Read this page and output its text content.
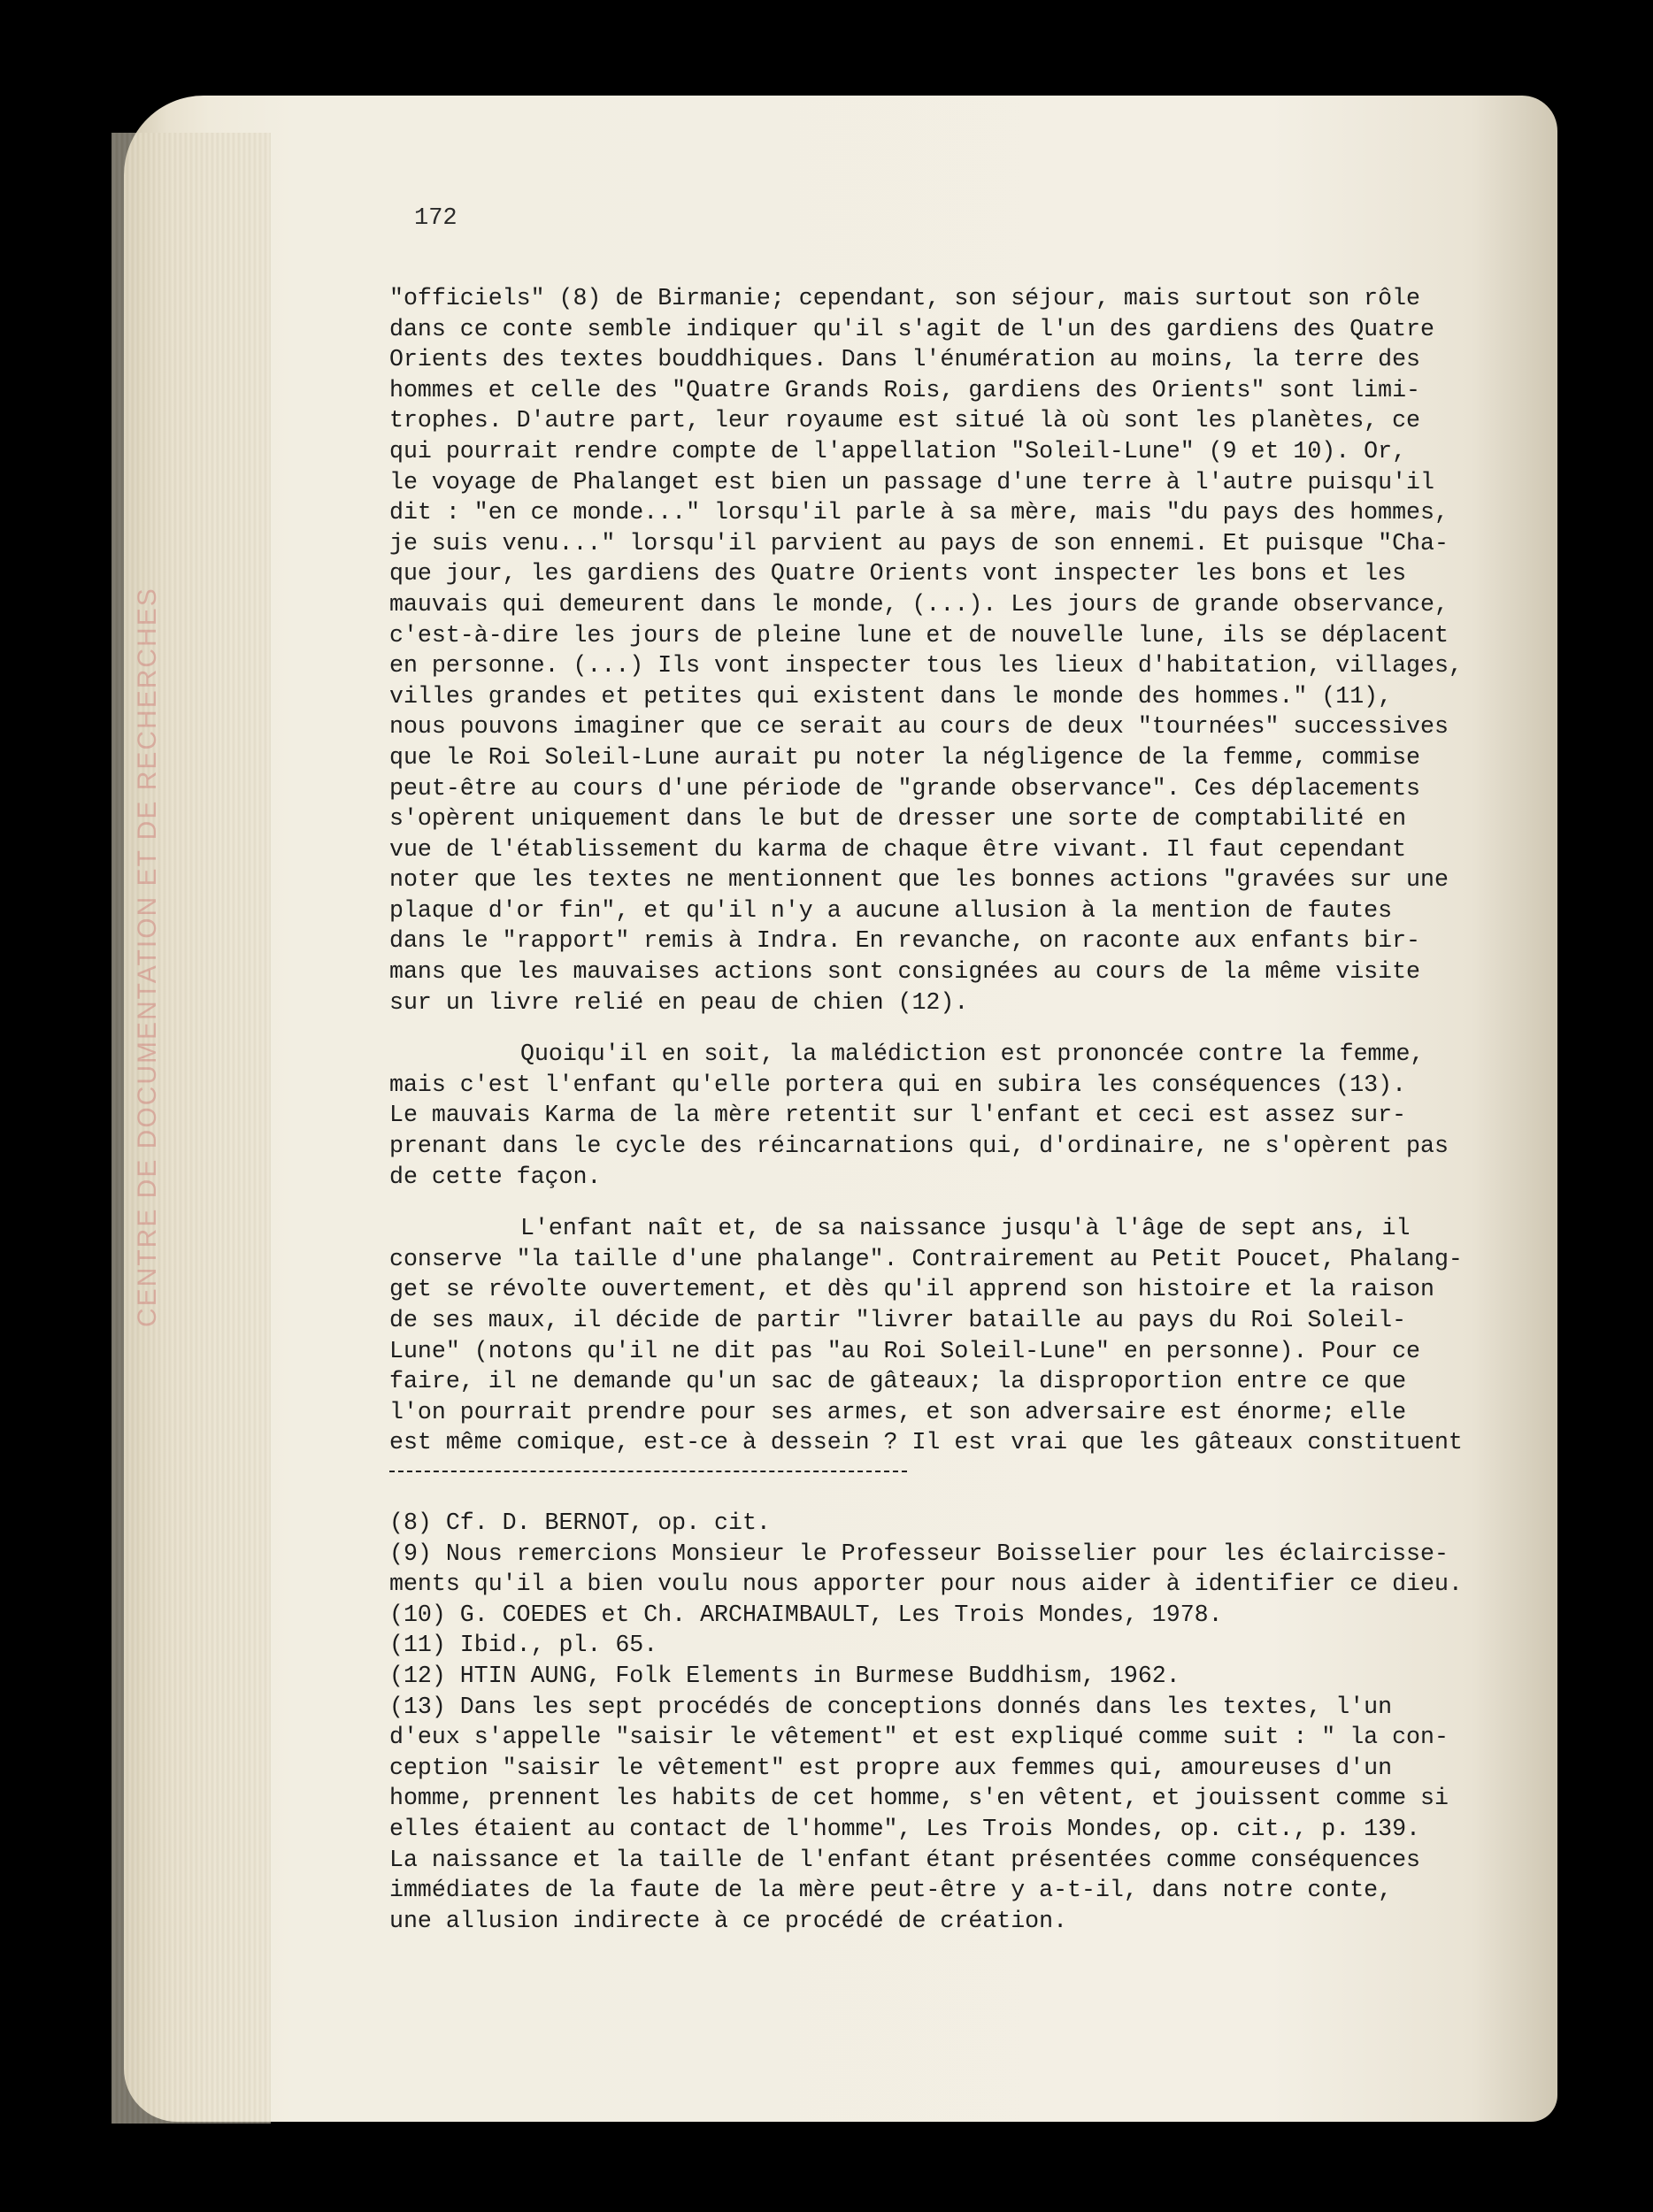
CENTRE DE DOCUMENTATION ET DE RECHERCHES
172
"officiels" (8) de Birmanie; cependant, son séjour, mais surtout son rôle
dans ce conte semble indiquer qu'il s'agit de l'un des gardiens des Quatre
Orients des textes bouddhiques. Dans l'énumération au moins, la terre des
hommes et celle des "Quatre Grands Rois, gardiens des Orients" sont limi-
trophes. D'autre part, leur royaume est situé là où sont les planètes, ce
qui pourrait rendre compte de l'appellation "Soleil-Lune" (9 et 10). Or,
le voyage de Phalanget est bien un passage d'une terre à l'autre puisqu'il
dit : "en ce monde..." lorsqu'il parle à sa mère, mais "du pays des hommes,
je suis venu..." lorsqu'il parvient au pays de son ennemi. Et puisque "Cha-
que jour, les gardiens des Quatre Orients vont inspecter les bons et les
mauvais qui demeurent dans le monde, (...). Les jours de grande observance,
c'est-à-dire les jours de pleine lune et de nouvelle lune, ils se déplacent
en personne. (...) Ils vont inspecter tous les lieux d'habitation, villages,
villes grandes et petites qui existent dans le monde des hommes." (11),
nous pouvons imaginer que ce serait au cours de deux "tournées" successives
que le Roi Soleil-Lune aurait pu noter la négligence de la femme, commise
peut-être au cours d'une période de "grande observance". Ces déplacements
s'opèrent uniquement dans le but de dresser une sorte de comptabilité en
vue de l'établissement du karma de chaque être vivant. Il faut cependant
noter que les textes ne mentionnent que les bonnes actions "gravées sur une
plaque d'or fin", et qu'il n'y a aucune allusion à la mention de fautes
dans le "rapport" remis à Indra. En revanche, on raconte aux enfants bir-
mans que les mauvaises actions sont consignées au cours de la même visite
sur un livre relié en peau de chien (12).
Quoiqu'il en soit, la malédiction est prononcée contre la femme,
mais c'est l'enfant qu'elle portera qui en subira les conséquences (13).
Le mauvais Karma de la mère retentit sur l'enfant et ceci est assez sur-
prenant dans le cycle des réincarnations qui, d'ordinaire, ne s'opèrent pas
de cette façon.
L'enfant naît et, de sa naissance jusqu'à l'âge de sept ans, il
conserve "la taille d'une phalange". Contrairement au Petit Poucet, Phalang-
get se révolte ouvertement, et dès qu'il apprend son histoire et la raison
de ses maux, il décide de partir "livrer bataille au pays du Roi Soleil-
Lune" (notons qu'il ne dit pas "au Roi Soleil-Lune" en personne). Pour ce
faire, il ne demande qu'un sac de gâteaux; la disproportion entre ce que
l'on pourrait prendre pour ses armes, et son adversaire est énorme; elle
est même comique, est-ce à dessein ? Il est vrai que les gâteaux constituent
(8) Cf. D. BERNOT, op. cit.
(9) Nous remercions Monsieur le Professeur Boisselier pour les éclaircisse-
ments qu'il a bien voulu nous apporter pour nous aider à identifier ce dieu.
(10) G. COEDES et Ch. ARCHAIMBAULT, Les Trois Mondes, 1978.
(11) Ibid., pl. 65.
(12) HTIN AUNG, Folk Elements in Burmese Buddhism, 1962.
(13) Dans les sept procédés de conceptions donnés dans les textes, l'un
d'eux s'appelle "saisir le vêtement" et est expliqué comme suit : " la con-
ception "saisir le vêtement" est propre aux femmes qui, amoureuses d'un
homme, prennent les habits de cet homme, s'en vêtent, et jouissent comme si
elles étaient au contact de l'homme", Les Trois Mondes, op. cit., p. 139.
La naissance et la taille de l'enfant étant présentées comme conséquences
immédiates de la faute de la mère peut-être y a-t-il, dans notre conte,
une allusion indirecte à ce procédé de création.
